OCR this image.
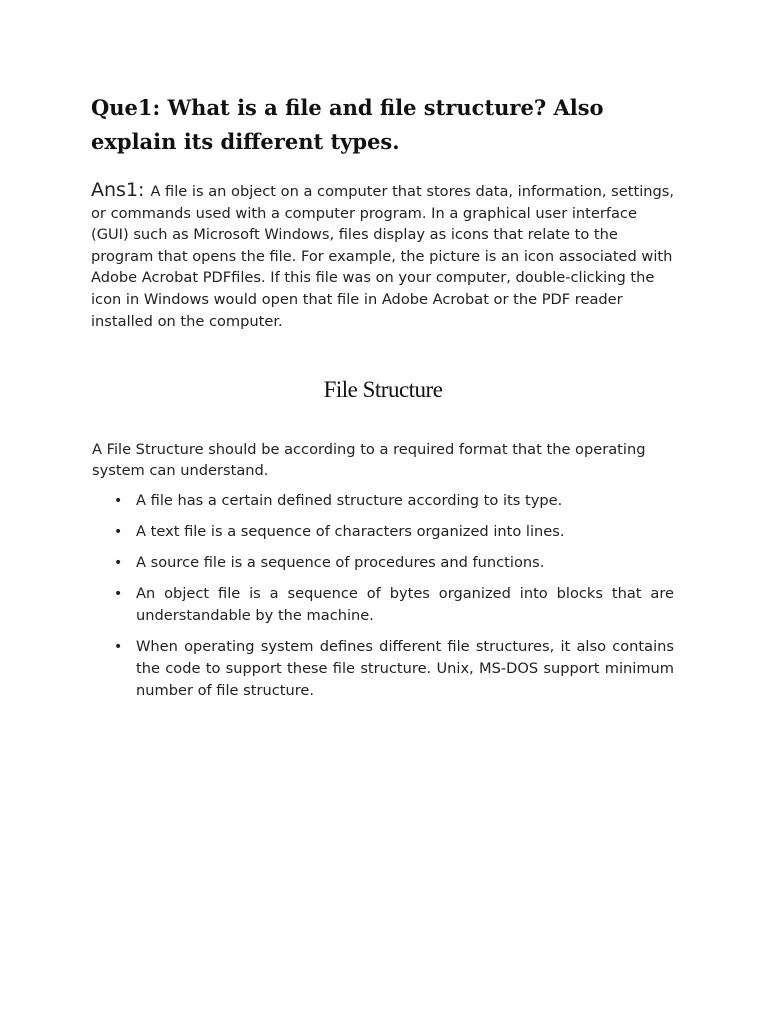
Que1: What is a file and file structure? Also explain its different types.

Ans1: A file is an object on a computer that stores data, information, settings, or commands used with a computer program. In a graphical user interface (GUI) such as Microsoft Windows, files display as icons that relate to the program that opens the file. For example, the picture is an icon associated with Adobe Acrobat PDFfiles. If this file was on your computer, double-clicking the icon in Windows would open that file in Adobe Acrobat or the PDF reader installed on the computer.

File Structure

A File Structure should be according to a required format that the operating system can understand.

• A file has a certain defined structure according to its type.
• A text file is a sequence of characters organized into lines.
• A source file is a sequence of procedures and functions.
• An object file is a sequence of bytes organized into blocks that are understandable by the machine.
• When operating system defines different file structures, it also contains the code to support these file structure. Unix, MS-DOS support minimum number of file structure.
